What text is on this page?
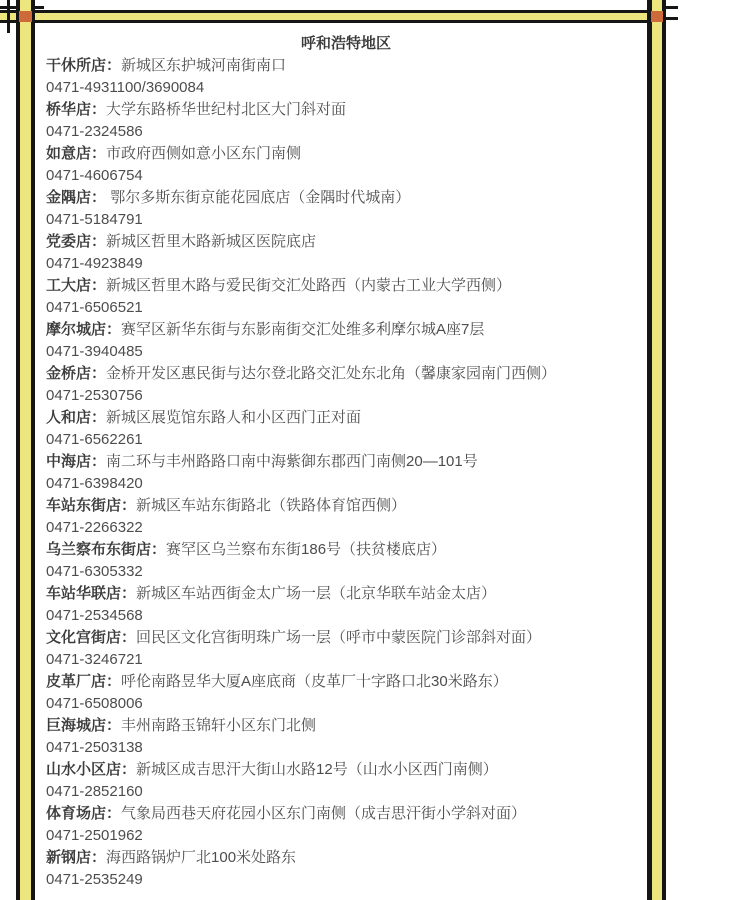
呼和浩特地区
干休所店：新城区东护城河南街南口
0471-4931100/3690084
桥华店：大学东路桥华世纪村北区大门斜对面
0471-2324586
如意店：市政府西侧如意小区东门南侧
0471-4606754
金隅店： 鄂尔多斯东街京能花园底店（金隅时代城南）
0471-5184791
党委店：新城区哲里木路新城区医院底店
0471-4923849
工大店：新城区哲里木路与爱民街交汇处路西（内蒙古工业大学西侧）
0471-6506521
摩尔城店：赛罕区新华东街与东影南街交汇处维多利摩尔城A座7层
0471-3940485
金桥店：金桥开发区惠民街与达尔登北路交汇处东北角（馨康家园南门西侧）
0471-2530756
人和店：新城区展览馆东路人和小区西门正对面
0471-6562261
中海店：南二环与丰州路路口南中海紫御东郡西门南侧20—101号
0471-6398420
车站东街店：新城区车站东街路北（铁路体育馆西侧）
0471-2266322
乌兰察布东街店：赛罕区乌兰察布东街186号（扶贫楼底店）
0471-6305332
车站华联店：新城区车站西街金太广场一层（北京华联车站金太店）
0471-2534568
文化宫街店：回民区文化宫街明珠广场一层（呼市中蒙医院门诊部斜对面）
0471-3246721
皮革厂店：呼伦南路昱华大厦A座底商（皮革厂十字路口北30米路东）
0471-6508006
巨海城店：丰州南路玉锦轩小区东门北侧
0471-2503138
山水小区店：新城区成吉思汗大街山水路12号（山水小区西门南侧）
0471-2852160
体育场店：气象局西巷天府花园小区东门南侧（成吉思汗街小学斜对面）
0471-2501962
新钢店：海西路锅炉厂北100米处路东
0471-2535249
